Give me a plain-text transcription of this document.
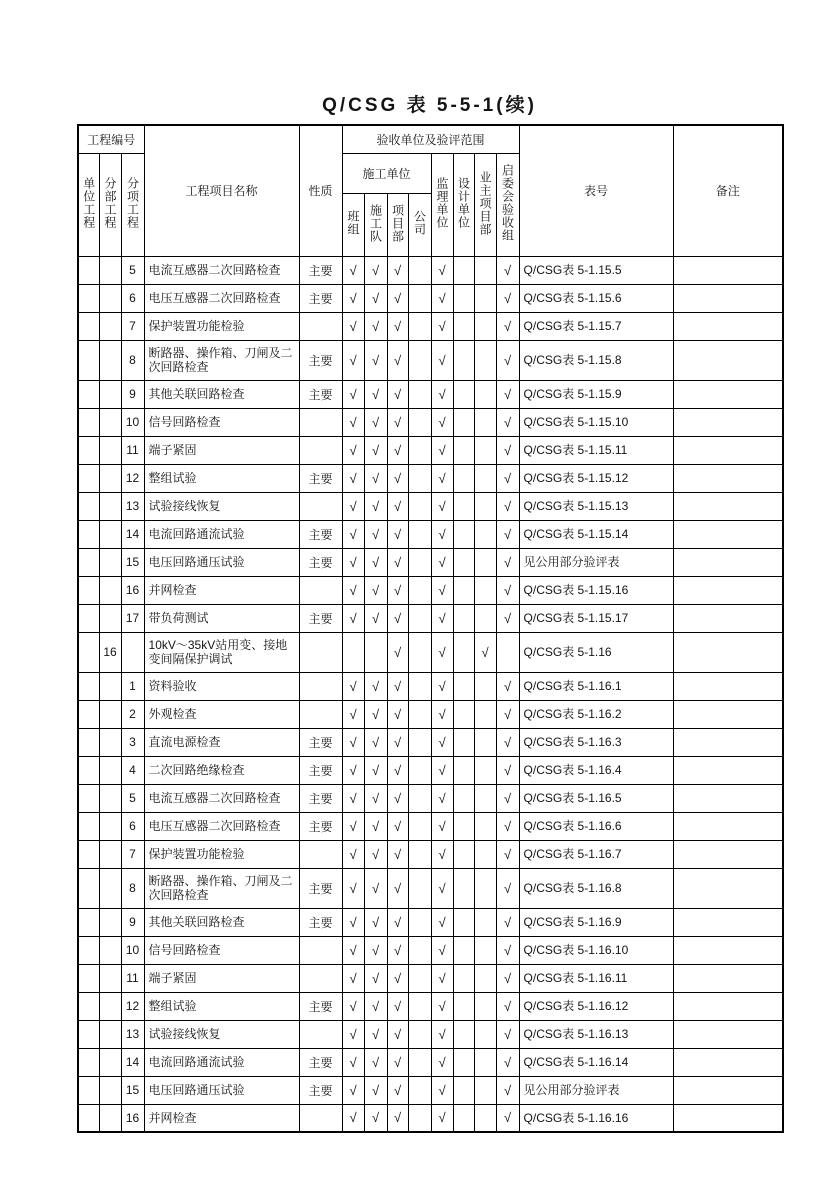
Q/CSG 表 5-5-1(续)
工程编号			工程项目名称	性质	验收单位及验评范围								表号	备注
单位工程	分部工程	分项工程			施工单位				监理单位	设计单位	业主项目部	启委会验收组		
					班组	施工队	项目部	公司						
		5	电流互感器二次回路检查	主要	√	√	√		√			√	Q/CSG表 5-1.15.5	
		6	电压互感器二次回路检查	主要	√	√	√		√			√	Q/CSG表 5-1.15.6	
		7	保护装置功能检验		√	√	√		√			√	Q/CSG表 5-1.15.7	
		8	断路器、操作箱、刀闸及二次回路检查	主要	√	√	√		√			√	Q/CSG表 5-1.15.8	
		9	其他关联回路检查	主要	√	√	√		√			√	Q/CSG表 5-1.15.9	
		10	信号回路检查		√	√	√		√			√	Q/CSG表 5-1.15.10	
		11	端子紧固		√	√	√		√			√	Q/CSG表 5-1.15.11	
		12	整组试验	主要	√	√	√		√			√	Q/CSG表 5-1.15.12	
		13	试验接线恢复		√	√	√		√			√	Q/CSG表 5-1.15.13	
		14	电流回路通流试验	主要	√	√	√		√			√	Q/CSG表 5-1.15.14	
		15	电压回路通压试验	主要	√	√	√		√			√	见公用部分验评表	
		16	并网检查		√	√	√		√			√	Q/CSG表 5-1.15.16	
		17	带负荷测试	主要	√	√	√		√			√	Q/CSG表 5-1.15.17	
	16		10kV～35kV站用变、接地变间隔保护调试				√		√		√		Q/CSG表 5-1.16	
		1	资料验收		√	√	√		√			√	Q/CSG表 5-1.16.1	
		2	外观检查		√	√	√		√			√	Q/CSG表 5-1.16.2	
		3	直流电源检查	主要	√	√	√		√			√	Q/CSG表 5-1.16.3	
		4	二次回路绝缘检查	主要	√	√	√		√			√	Q/CSG表 5-1.16.4	
		5	电流互感器二次回路检查	主要	√	√	√		√			√	Q/CSG表 5-1.16.5	
		6	电压互感器二次回路检查	主要	√	√	√		√			√	Q/CSG表 5-1.16.6	
		7	保护装置功能检验		√	√	√		√			√	Q/CSG表 5-1.16.7	
		8	断路器、操作箱、刀闸及二次回路检查	主要	√	√	√		√			√	Q/CSG表 5-1.16.8	
		9	其他关联回路检查	主要	√	√	√		√			√	Q/CSG表 5-1.16.9	
		10	信号回路检查		√	√	√		√			√	Q/CSG表 5-1.16.10	
		11	端子紧固		√	√	√		√			√	Q/CSG表 5-1.16.11	
		12	整组试验	主要	√	√	√		√			√	Q/CSG表 5-1.16.12	
		13	试验接线恢复		√	√	√		√			√	Q/CSG表 5-1.16.13	
		14	电流回路通流试验	主要	√	√	√		√			√	Q/CSG表 5-1.16.14	
		15	电压回路通压试验	主要	√	√	√		√			√	见公用部分验评表	
		16	并网检查		√	√	√		√			√	Q/CSG表 5-1.16.16	
